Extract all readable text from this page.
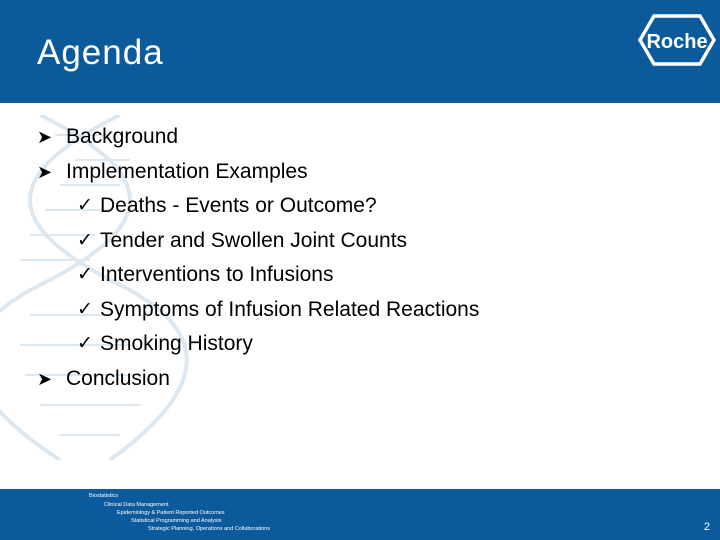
Agenda	Roche
➤ Background
➤ Implementation Examples
✓ Deaths - Events or Outcome?
✓ Tender and Swollen Joint Counts
✓ Interventions to Infusions
✓ Symptoms of Infusion Related Reactions
✓ Smoking History
➤ Conclusion
Biostatistics
Clinical Data Management
Epidemiology & Patient Reported Outcomes
Statistical Programming and Analysis
Strategic Planning, Operations and Collaborations	2
